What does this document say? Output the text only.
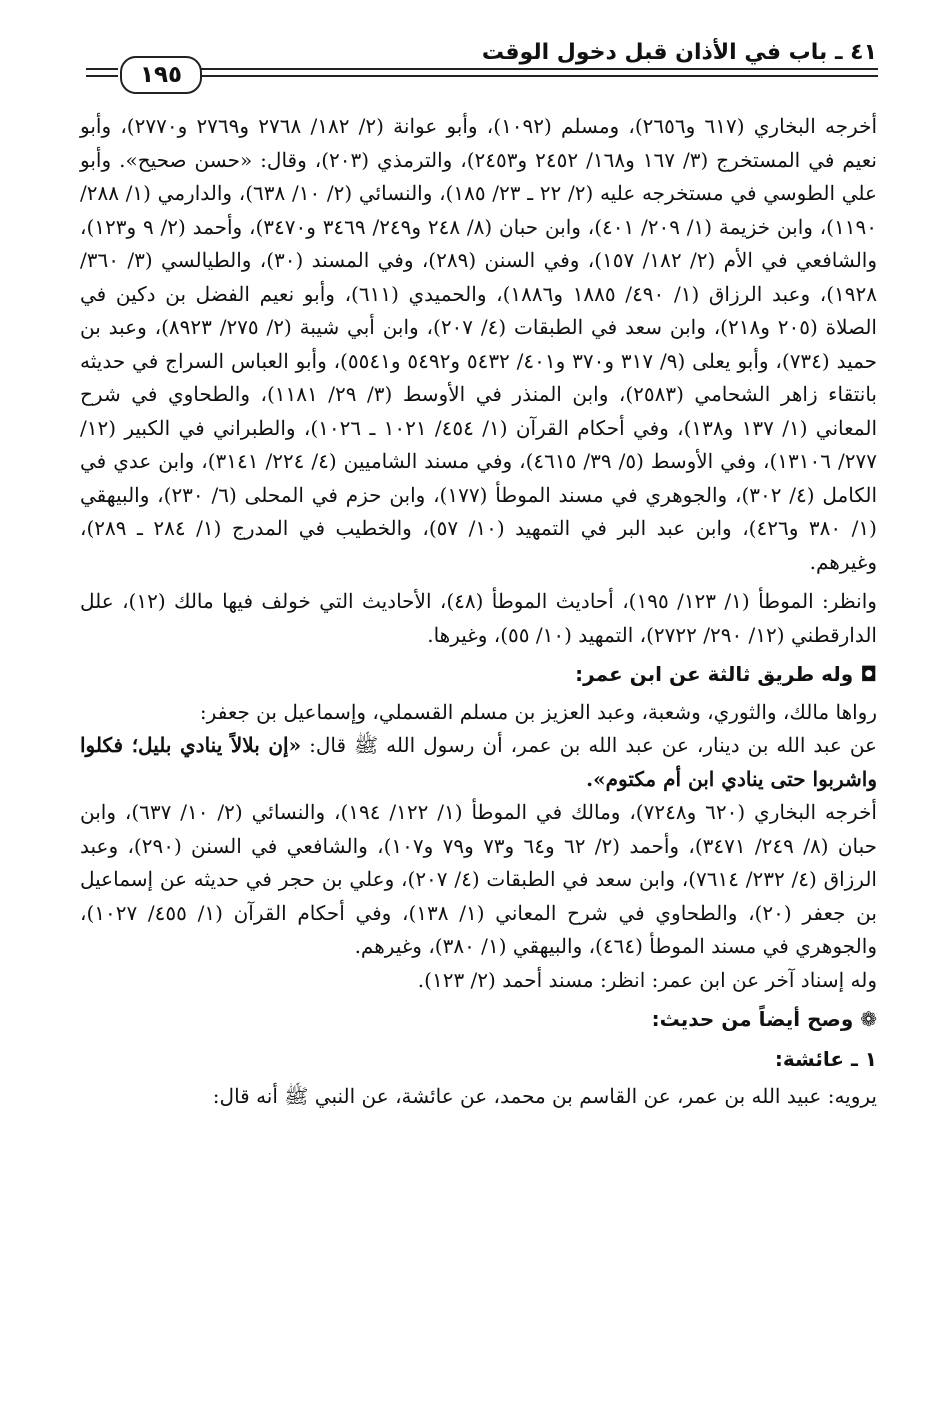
٤١ ـ باب في الأذان قبل دخول الوقت
١٩٥

أخرجه البخاري (٦١٧ و٢٦٥٦)، ومسلم (١٠٩٢)، وأبو عوانة (٢/ ١٨٢/ ٢٧٦٨ و٢٧٦٩ و٢٧٧٠)، وأبو نعيم في المستخرج (٣/ ١٦٧ و١٦٨/ ٢٤٥٢ و٢٤٥٣)، والترمذي (٢٠٣)، وقال: «حسن صحيح». وأبو علي الطوسي في مستخرجه عليه (٢/ ٢٢ ـ ٢٣/ ١٨٥)، والنسائي (٢/ ١٠/ ٦٣٨)، والدارمي (١/ ٢٨٨/ ١١٩٠)، وابن خزيمة (١/ ٢٠٩/ ٤٠١)، وابن حبان (٨/ ٢٤٨ و٢٤٩/ ٣٤٦٩ و٣٤٧٠)، وأحمد (٢/ ٩ و١٢٣)، والشافعي في الأم (٢/ ١٨٢/ ١٥٧)، وفي السنن (٢٨٩)، وفي المسند (٣٠)، والطيالسي (٣/ ٣٦٠/ ١٩٢٨)، وعبد الرزاق (١/ ٤٩٠/ ١٨٨٥ و١٨٨٦)، والحميدي (٦١١)، وأبو نعيم الفضل بن دكين في الصلاة (٢٠٥ و٢١٨)، وابن سعد في الطبقات (٤/ ٢٠٧)، وابن أبي شيبة (٢/ ٢٧٥/ ٨٩٢٣)، وعبد بن حميد (٧٣٤)، وأبو يعلى (٩/ ٣١٧ و٣٧٠ و٤٠١/ ٥٤٣٢ و٥٤٩٢ و٥٥٤١)، وأبو العباس السراج في حديثه بانتقاء زاهر الشحامي (٢٥٨٣)، وابن المنذر في الأوسط (٣/ ٢٩/ ١١٨١)، والطحاوي في شرح المعاني (١/ ١٣٧ و١٣٨)، وفي أحكام القرآن (١/ ٤٥٤/ ١٠٢١ ـ ١٠٢٦)، والطبراني في الكبير (١٢/ ٢٧٧/ ١٣١٠٦)، وفي الأوسط (٥/ ٣٩/ ٤٦١٥)، وفي مسند الشاميين (٤/ ٢٢٤/ ٣١٤١)، وابن عدي في الكامل (٤/ ٣٠٢)، والجوهري في مسند الموطأ (١٧٧)، وابن حزم في المحلى (٦/ ٢٣٠)، والبيهقي (١/ ٣٨٠ و٤٢٦)، وابن عبد البر في التمهيد (١٠/ ٥٧)، والخطيب في المدرج (١/ ٢٨٤ ـ ٢٨٩)، وغيرهم.

وانظر: الموطأ (١/ ١٢٣/ ١٩٥)، أحاديث الموطأ (٤٨)، الأحاديث التي خولف فيها مالك (١٢)، علل الدارقطني (١٢/ ٢٩٠/ ٢٧٢٢)، التمهيد (١٠/ ٥٥)، وغيرها.

◘ وله طريق ثالثة عن ابن عمر:

رواها مالك، والثوري، وشعبة، وعبد العزيز بن مسلم القسملي، وإسماعيل بن جعفر:

عن عبد الله بن دينار، عن عبد الله بن عمر، أن رسول الله ﷺ قال: «إن بلالاً ينادي بليل؛ فكلوا واشربوا حتى ينادي ابن أم مكتوم».

أخرجه البخاري (٦٢٠ و٧٢٤٨)، ومالك في الموطأ (١/ ١٢٢/ ١٩٤)، والنسائي (٢/ ١٠/ ٦٣٧)، وابن حبان (٨/ ٢٤٩/ ٣٤٧١)، وأحمد (٢/ ٦٢ و٦٤ و٧٣ و٧٩ و١٠٧)، والشافعي في السنن (٢٩٠)، وعبد الرزاق (٤/ ٢٣٢/ ٧٦١٤)، وابن سعد في الطبقات (٤/ ٢٠٧)، وعلي بن حجر في حديثه عن إسماعيل بن جعفر (٢٠)، والطحاوي في شرح المعاني (١/ ١٣٨)، وفي أحكام القرآن (١/ ٤٥٥/ ١٠٢٧)، والجوهري في مسند الموطأ (٤٦٤)، والبيهقي (١/ ٣٨٠)، وغيرهم.

وله إسناد آخر عن ابن عمر: انظر: مسند أحمد (٢/ ١٢٣).

❁ وصح أيضاً من حديث:
١ ـ عائشة:

يرويه: عبيد الله بن عمر، عن القاسم بن محمد، عن عائشة، عن النبي ﷺ أنه قال:
